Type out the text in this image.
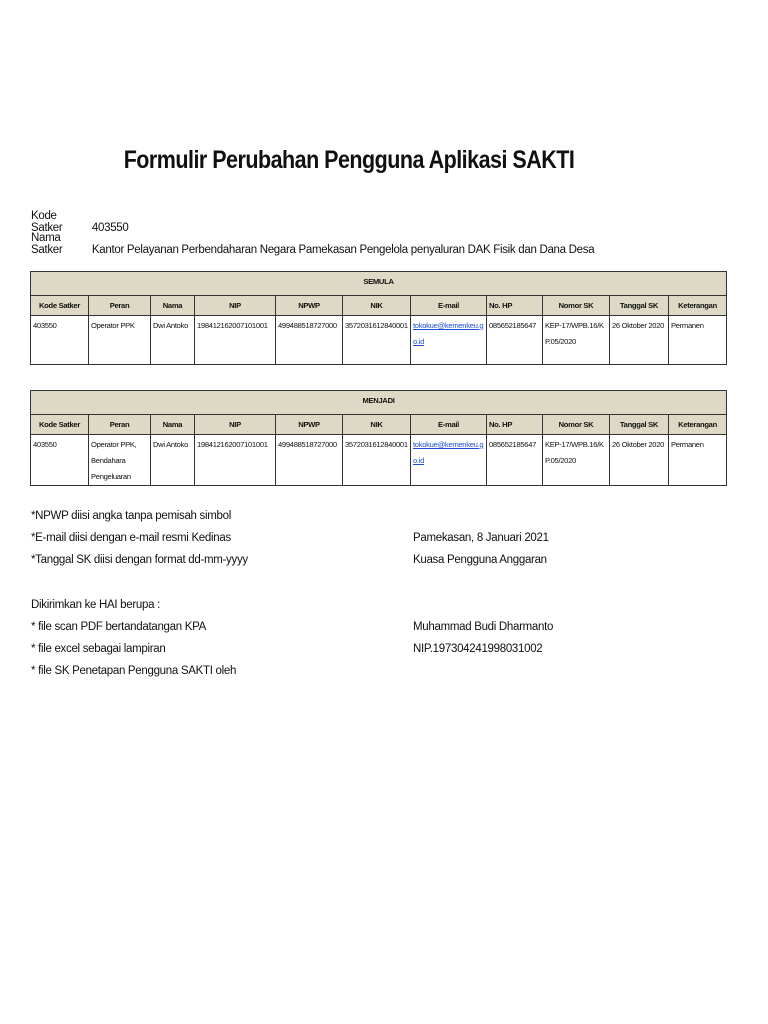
Formulir Perubahan Pengguna Aplikasi SAKTI
Kode Satker	403550
Nama Satker	Kantor Pelayanan Perbendaharan Negara Pamekasan Pengelola penyaluran DAK Fisik dan Dana Desa
SEMULA										
Kode Satker	Peran	Nama	NIP	NPWP	NIK	E-mail	No. HP	Nomor SK	Tanggal SK	Keterangan
403550	Operator PPK	Dwi Antoko	198412162007101001	499488518727000	3572031612840001	tokokue@kemenkeu.go.id	085652185647	KEP-17/WPB.16/KP.05/2020	26 Oktober 2020	Permanen
MENJADI										
Kode Satker	Peran	Nama	NIP	NPWP	NIK	E-mail	No. HP	Nomor SK	Tanggal SK	Keterangan
403550	Operator PPK, Bendahara Pengeluaran	Dwi Antoko	198412162007101001	499488518727000	3572031612840001	tokokue@kemenkeu.go.id	085652185647	KEP-17/WPB.16/KP.05/2020	26 Oktober 2020	Permanen
*NPWP diisi angka tanpa pemisah simbol
*E-mail diisi dengan e-mail resmi Kedinas
*Tanggal SK diisi dengan format dd-mm-yyyy
Dikirimkan ke HAI berupa :
* file scan PDF bertandatangan KPA
* file excel sebagai lampiran
* file SK Penetapan Pengguna SAKTI oleh
Pamekasan, 8 Januari 2021
Kuasa Pengguna Anggaran
Muhammad Budi Dharmanto
NIP.197304241998031002
